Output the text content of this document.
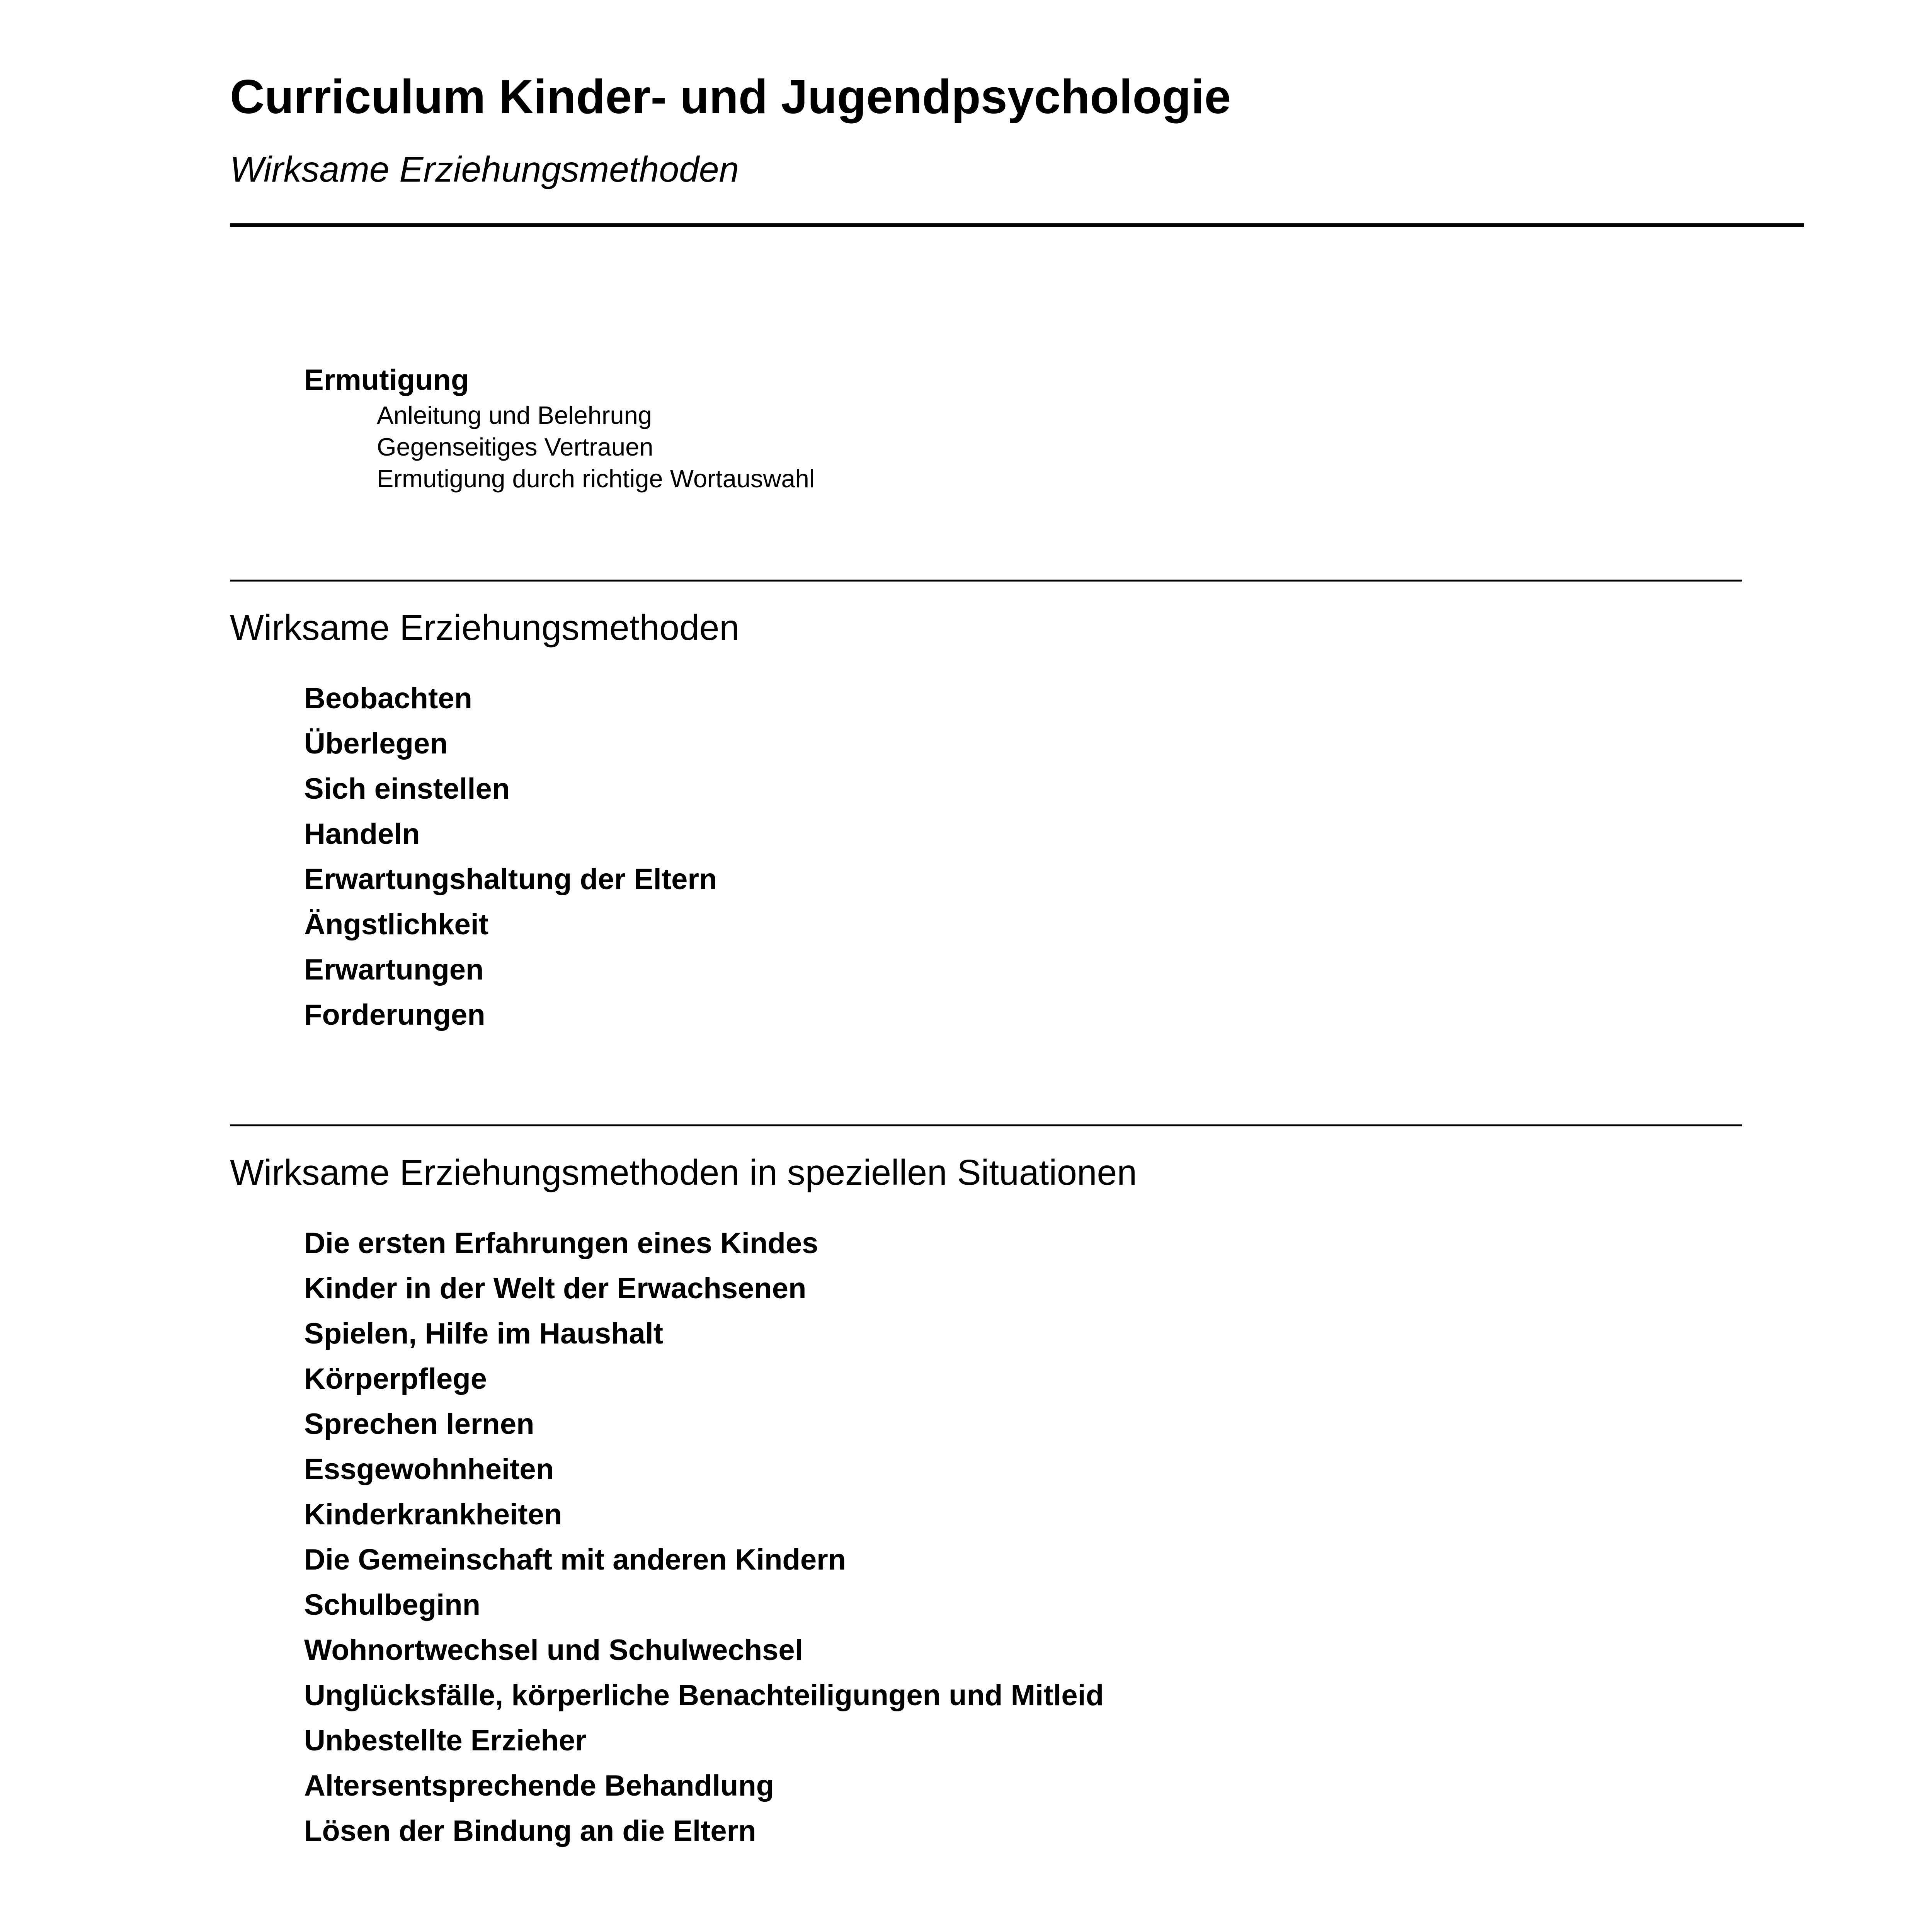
Curriculum Kinder- und Jugendpsychologie
Wirksame Erziehungsmethoden
Ermutigung
Anleitung und Belehrung
Gegenseitiges Vertrauen
Ermutigung durch richtige Wortauswahl
Wirksame Erziehungsmethoden
Beobachten
Überlegen
Sich einstellen
Handeln
Erwartungshaltung der Eltern
Ängstlichkeit
Erwartungen
Forderungen
Wirksame Erziehungsmethoden in speziellen Situationen
Die ersten Erfahrungen eines Kindes
Kinder in der Welt der Erwachsenen
Spielen, Hilfe im Haushalt
Körperpflege
Sprechen lernen
Essgewohnheiten
Kinderkrankheiten
Die Gemeinschaft mit anderen Kindern
Schulbeginn
Wohnortwechsel und Schulwechsel
Unglücksfälle, körperliche Benachteiligungen und Mitleid
Unbestellte Erzieher
Altersentsprechende Behandlung
Lösen der Bindung an die Eltern
